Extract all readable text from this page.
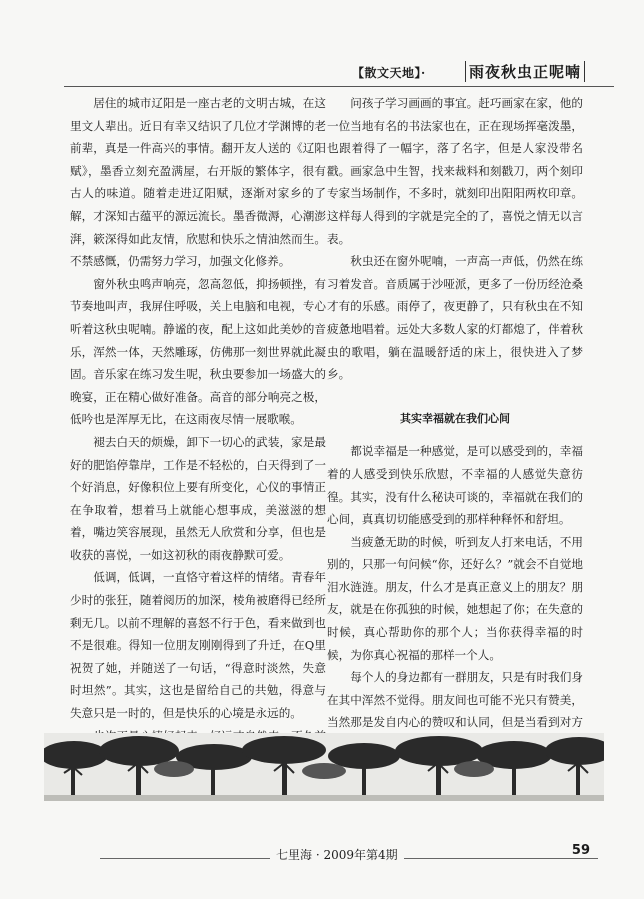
【散文天地】·	雨夜秋虫正呢喃

居住的城市辽阳是一座古老的文明古城，在这里文人辈出。近日有幸又结识了几位才学渊博的老前辈，真是一件高兴的事情。翻开友人送的《辽阳赋》，墨香立刻充盈满屋，右开版的繁体字，很有古人的味道。随着走进辽阳赋，逐渐对家乡的了解，才深知古蕴平的源远流长。墨香微溽，心潮澎湃，簌深得如此友情，欣慰和快乐之情油然而生。不禁感慨，仍需努力学习，加强文化修养。

窗外秋虫鸣声响亮，忽高忽低，抑扬顿挫，有节奏地叫声，我屏住呼吸，关上电脑和电视，专心听着这秋虫呢喃。静谧的夜，配上这如此美妙的音乐，浑然一体，天然雕琢，仿佛那一刻世界就此凝固。音乐家在练习发生呢，秋虫要参加一场盛大的晚宴，正在精心做好准备。高音的部分响亮之极，低吟也是浑厚无比，在这雨夜尽情一展歌喉。

褪去白天的烦燥，卸下一切心的武装，家是最好的肥馅停靠岸，工作是不轻松的，白天得到了一个好消息，好像积位上要有所变化，心仪的事情正在争取着，想着马上就能心想事成，美滋滋的想着，嘴边笑容展现，虽然无人欣赏和分享，但也是收获的喜悦，一如这初秋的雨夜静默可爱。

低调，低调，一直恪守着这样的情绪。青春年少时的张狂，随着阅历的加深，棱角被磨得已经所剩无几。以前不理解的喜怒不行于色，看来做到也不是很难。得知一位朋友刚刚得到了升迁，在Q里祝贺了她，并随送了一句话，“得意时淡然，失意时坦然”。其实，这也是留给自己的共勉，得意与失意只是一时的，但是快乐的心境是永远的。

问孩子学习画画的事宜。赶巧画家在家，他的一位当地有名的书法家也在，正在现场挥毫泼墨，也跟着得了一幅字，落了名字，但是人家没带名戳。画家急中生智，找来裁料和刻戳刀，两个刻印专家当场制作，不多时，就刻印出阳阳两枚印章。这样每人得到的字就是完全的了，喜悦之情无以言表。

秋虫还在窗外呢喃，一声高一声低，仍然在练习着发音。音质属于沙哑派，更多了一份历经沧桑才有的乐感。雨停了，夜更静了，只有秋虫在不知疲惫地唱着。远处大多数人家的灯都熄了，伴着秋虫的歌唱，躺在温暖舒适的床上，很快进入了梦乡。

其实幸福就在我们心间

都说幸福是一种感觉，是可以感受到的，幸福着的人感受到快乐欣慰，不幸福的人感觉失意彷徨。其实，没有什么秘诀可谈的，幸福就在我们的心间，真真切切能感受到的那样种释怀和舒坦。

当疲惫无助的时候，听到友人打来电话，不用别的，只那一句问候“你，还好么？”就会不自觉地泪水涟涟。朋友，什么才是真正意义上的朋友？朋友，就是在你孤独的时候，她想起了你；在失意的时候，真心帮助你的那个人；当你获得幸福的时候，为你真心祝福的那样一个人。

每个人的身边都有一群朋友，只是有时我们身在其中浑然不觉得。朋友间也可能不光只有赞美，当然那是发自内心的赞叹和认同，但是当看到对方

七里海 · 2009年第4期	59
